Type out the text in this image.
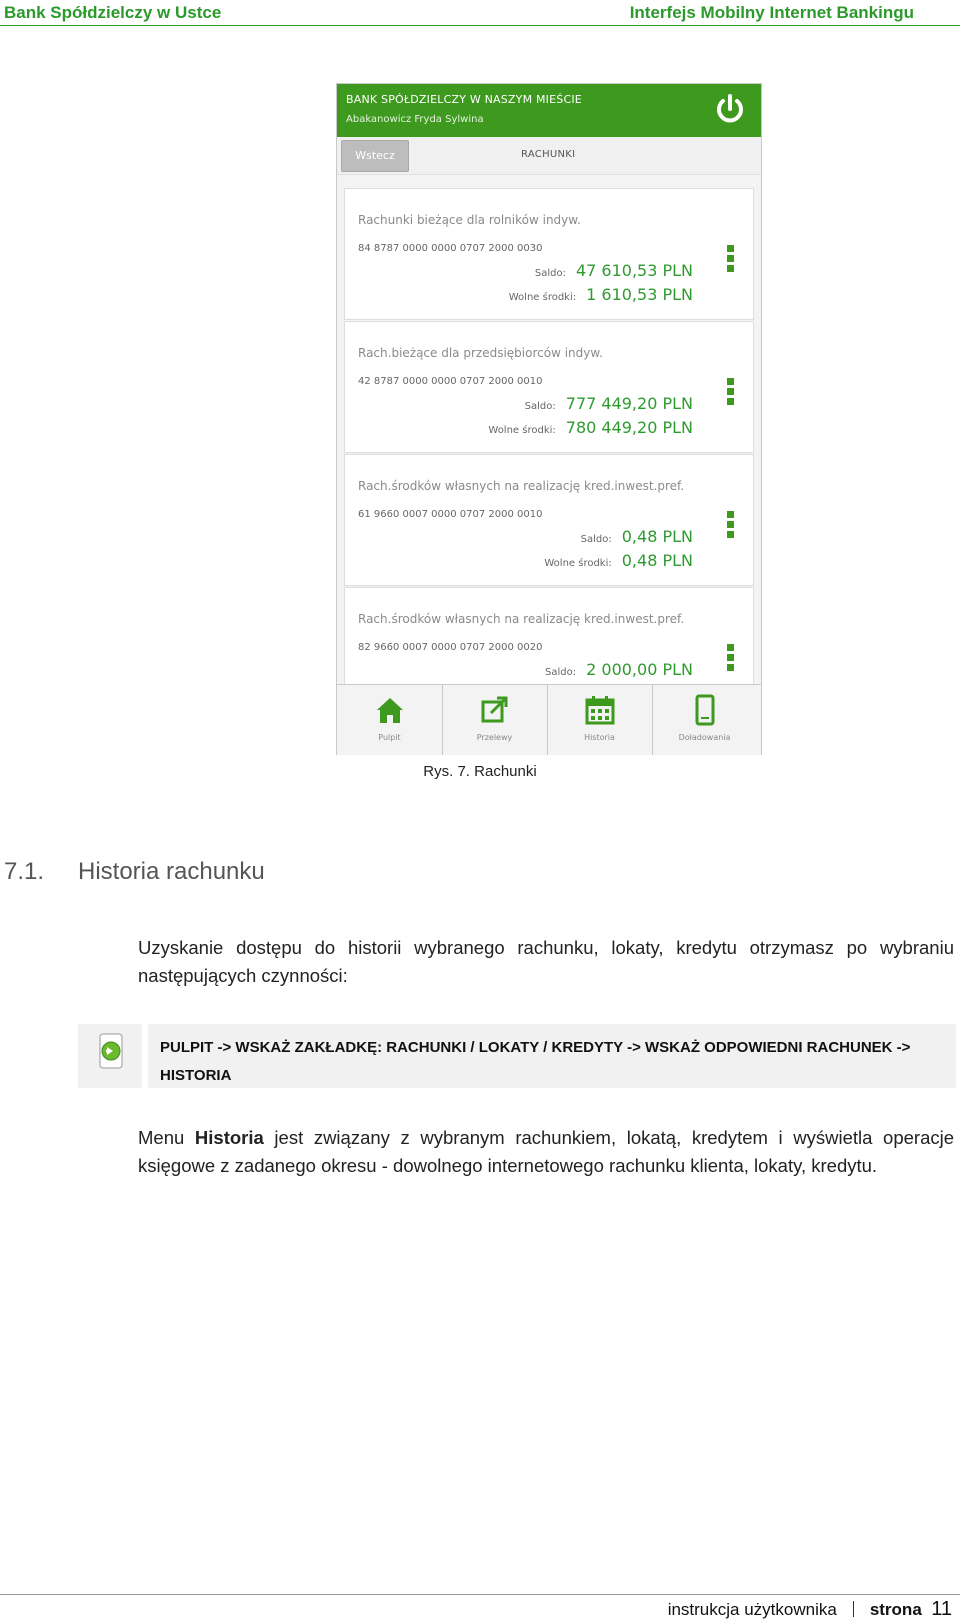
Bank Spółdzielczy w Ustce	Interfejs Mobilny Internet Bankingu
BANK SPÓŁDZIELCZY W NASZYM MIEŚCIE
Abakanowicz Fryda Sylwina
Wstecz	RACHUNKI
Rachunki bieżące dla rolników indyw.
84 8787 0000 0000 0707 2000 0030
Saldo: 47 610,53 PLN
Wolne środki: 1 610,53 PLN
Rach.bieżące dla przedsiębiorców indyw.
42 8787 0000 0000 0707 2000 0010
Saldo: 777 449,20 PLN
Wolne środki: 780 449,20 PLN
Rach.środków własnych na realizację kred.inwest.pref.
61 9660 0007 0000 0707 2000 0010
Saldo: 0,48 PLN
Wolne środki: 0,48 PLN
Rach.środków własnych na realizację kred.inwest.pref.
82 9660 0007 0000 0707 2000 0020
Saldo: 2 000,00 PLN
Pulpit	Przelewy	Historia	Doładowania
Rys. 7. Rachunki
7.1. Historia rachunku
Uzyskanie dostępu do historii wybranego rachunku, lokaty, kredytu otrzymasz po wybraniu następujących czynności:
PULPIT -> WSKAŻ ZAKŁADKĘ: RACHUNKI / LOKATY / KREDYTY -> WSKAŻ ODPOWIEDNI RACHUNEK -> HISTORIA
Menu Historia jest związany z wybranym rachunkiem, lokatą, kredytem i wyświetla operacje księgowe z zadanego okresu - dowolnego internetowego rachunku klienta, lokaty, kredytu.
instrukcja użytkownika strona 11
